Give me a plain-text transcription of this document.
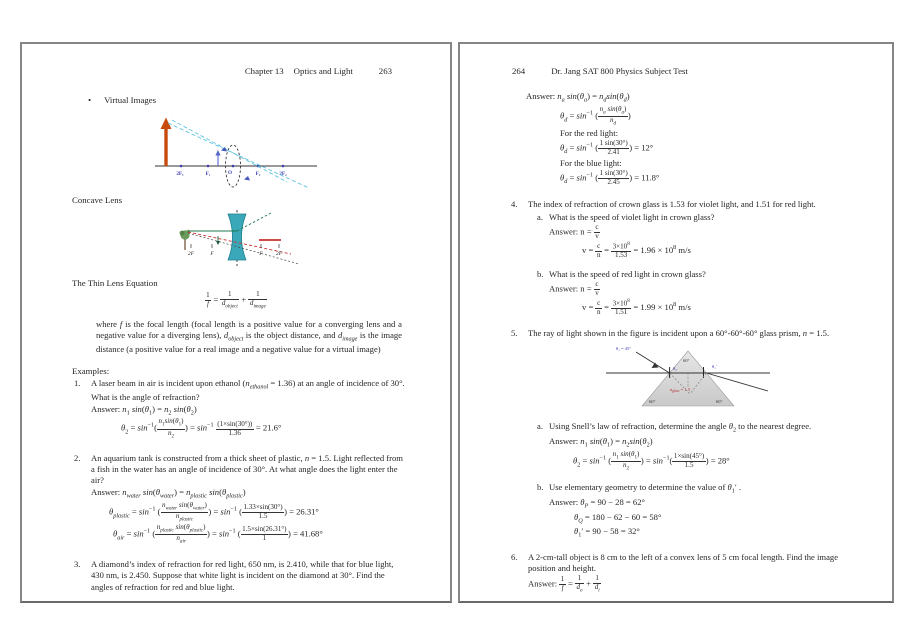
Chapter 13 Optics and Light	263
• Virtual Images
2F₁	F₁	O	F₂	2F₂
Concave Lens
2F	F	F 2F
The Thin Lens Equation
$\frac{1}{f}$ =
1
$d_{object}$
+
1
$d_{image}$

where f is the focal length (focal length is a positive value for a converging lens and a negative value for a diverging lens), $d_{object}$ is the object distance, and $d_{image}$ is the image distance (a positive value for a real image and a negative value for a virtual image)

Examples:
1.	A laser beam in air is incident upon ethanol $(n_{ethanol} = 1.36)$ at an angle of incidence of 30°. What is the angle of refraction?
Answer: $n_1$ $\sin(\theta_1) = n_2$ $\sin(\theta_2)$
$\theta_2 = \sin^{-1}( \frac{n_1\sin(\theta_1)}{n_2}$ ) = $\sin^{-1} \frac{(1\times\sin(30^\circ))}{1.36} = 21.6^\circ$
2.	An aquarium tank is constructed from a thick sheet of plastic, n = 1.5. Light reflected from a fish in the water has an angle of incidence of 30°. At what angle does the light enter the air?
Answer: $n_{water}$ $\sin(\theta_{water}) = n_{plastic}$ $\sin(\theta_{plastic})$
$\theta_{plastic} = \sin^{-1}$ (
$n_{water}$ $\sin(\theta_{water})$
$n_{plastic}$
) = $\sin^{-1}$ ( $\frac{1.33\times\sin(30^\circ)}{1.5}$ ) = 26.31°
$\theta_{air} = \sin^{-1}$ (
$n_{plastic}$ $\sin(\theta_{plastic})$
$n_{air}$
) = $\sin^{-1}$ ( $\frac{1.5\times\sin(26.31^\circ)}{1}$ ) = 41.68°
3.	A diamond’s index of refraction for red light, 650 nm, is 2.410, while that for blue light, 430 nm, is 2.450. Suppose that white light is incident on the diamond at 30°. Find the angles of refraction for red and blue light.
264	Dr. Jang SAT 800 Physics Subject Test
Answer: $n_a$ $\sin(\theta_a) = n_d\sin(\theta_d)$
$\theta_d = \sin^{-1}$ ( $\frac{n_a \sin(\theta_a)}{n_d}$ )
For the red light:
$\theta_d = \sin^{-1}$ ( $\frac{1 \sin(30^\circ)}{2.41}$ ) = 12°
For the blue light:
$\theta_d = \sin^{-1}$ ( $\frac{1 \sin(30^\circ)}{2.45}$ ) = 11.8°
4.	The index of refraction of crown glass is 1.53 for violet light, and 1.51 for red light.
a. What is the speed of violet light in crown glass?
Answer: $n = \frac{c}{v}$
$v = \frac{c}{n} = \frac{3\times 10^8}{1.53} = 1.96 \times 10^8$ m/s
b. What is the speed of red light in crown glass?
Answer: $n = \frac{c}{v}$
$v = \frac{c}{n} = \frac{3\times 10^8}{1.51} = 1.99 \times 10^8$ m/s
5.	The ray of light shown in the figure is incident upon a 60°-60°-60° glass prism, n = 1.5.
θ₁ = 45°
60°
θ₂	θ₁′
$n_{glass} = 1.5$
60°	60°
a. Using Snell’s law of refraction, determine the angle $\theta_2$ to the nearest degree.
Answer: $n_1$ $\sin(\theta_1) = n_2\sin(\theta_2)$
$\theta_2 = \sin^{-1}$ ( $\frac{n_1 \sin(\theta_1)}{n_2}$ ) = $\sin^{-1}( \frac{1\times\sin(45^\circ)}{1.5}$ ) = 28°
b. Use elementary geometry to determine the value of $\theta_1'$ .
Answer: $\theta_P = 90 - 28 = 62^\circ$
$\theta_Q = 180 - 62 - 60 = 58^\circ$
$\theta_1' = 90 - 58 = 32^\circ$
6.	A 2-cm-tall object is 8 cm to the left of a convex lens of 5 cm focal length. Find the image position and height.
Answer: $\frac{1}{f} = \frac{1}{d_o} + \frac{1}{d_i}$
